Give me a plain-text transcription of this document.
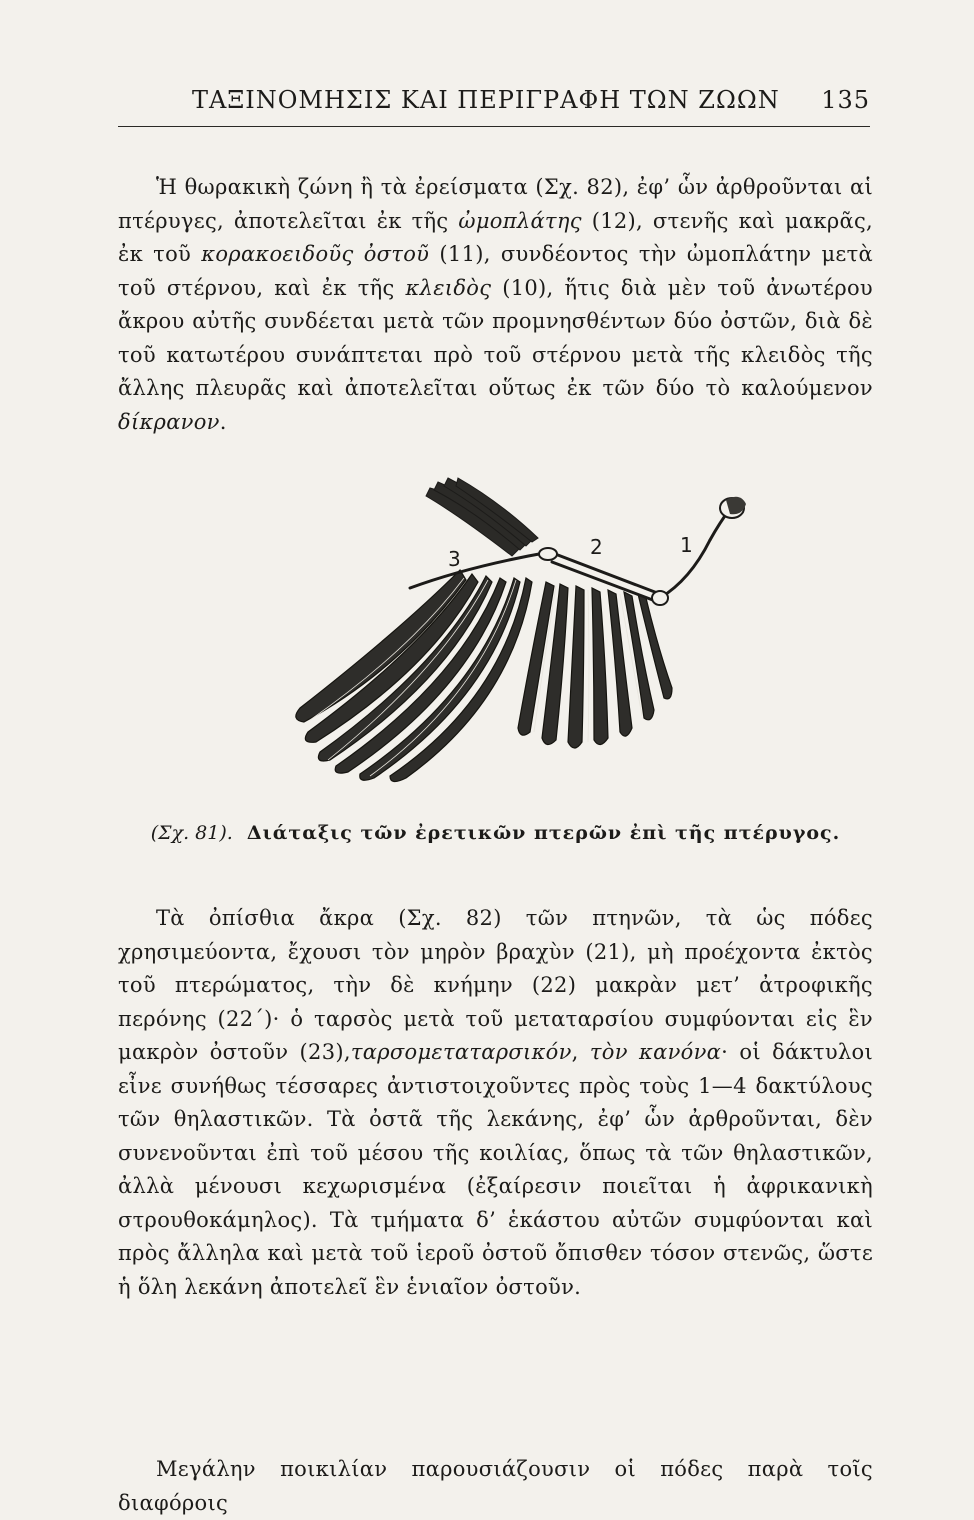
ΤΑΞΙΝΟΜΗΣΙΣ ΚΑΙ ΠΕΡΙΓΡΑΦΗ ΤΩΝ ΖΩΩΝ 135

Ἡ θωρακικὴ ζώνη ἢ τὰ ἐρείσματα (Σχ. 82), ἐφ’ ὧν ἀρθροῦνται αἱ πτέρυγες, ἀποτελεῖται ἐκ τῆς ὠμοπλάτης (12), στενῆς καὶ μακρᾶς, ἐκ τοῦ κορακοειδοῦς ὀστοῦ (11), συνδέοντος τὴν ὠμοπλάτην μετὰ τοῦ στέρνου, καὶ ἐκ τῆς κλειδὸς (10), ἥτις διὰ μὲν τοῦ ἀνωτέρου ἄκρου αὐτῆς συνδέεται μετὰ τῶν προμνησθέντων δύο ὀστῶν, διὰ δὲ τοῦ κατωτέρου συνάπτεται πρὸ τοῦ στέρνου μετὰ τῆς κλειδὸς τῆς ἄλλης πλευρᾶς καὶ ἀποτελεῖται οὕτως ἐκ τῶν δύο τὸ καλούμενον δίκρανον.

3	2	1
(Σχ. 81). Διάταξις τῶν ἐρετικῶν πτερῶν ἐπὶ τῆς πτέρυγος.

Τὰ ὀπίσθια ἄκρα (Σχ. 82) τῶν πτηνῶν, τὰ ὡς πόδες χρησιμεύοντα, ἔχουσι τὸν μηρὸν βραχὺν (21), μὴ προέχοντα ἐκτὸς τοῦ πτερώματος, τὴν δὲ κνήμην (22) μακρὰν μετ’ ἀτροφικῆς περόνης (22΄)· ὁ ταρσὸς μετὰ τοῦ μεταταρσίου συμφύονται εἰς ἓν μακρὸν ὀστοῦν (23),ταρσομεταταρσικόν, τὸν κανόνα· οἱ δάκτυλοι εἶνε συνήθως τέσσαρες ἀντιστοιχοῦντες πρὸς τοὺς 1—4 δακτύλους τῶν θηλαστικῶν. Τὰ ὀστᾶ τῆς λεκάνης, ἐφ’ ὧν ἀρθροῦνται, δὲν συνενοῦνται ἐπὶ τοῦ μέσου τῆς κοιλίας, ὅπως τὰ τῶν θηλαστικῶν, ἀλλὰ μένουσι κεχωρισμένα (ἐξαίρεσιν ποιεῖται ἡ ἀφρικανικὴ στρουθοκάμηλος). Τὰ τμήματα δ’ ἑκάστου αὐτῶν συμφύονται καὶ πρὸς ἄλληλα καὶ μετὰ τοῦ ἱεροῦ ὀστοῦ ὄπισθεν τόσον στενῶς, ὥστε ἡ ὅλη λεκάνη ἀποτελεῖ ἓν ἑνιαῖον ὀστοῦν.

Μεγάλην ποικιλίαν παρουσιάζουσιν οἱ πόδες παρὰ τοῖς διαφόροις
